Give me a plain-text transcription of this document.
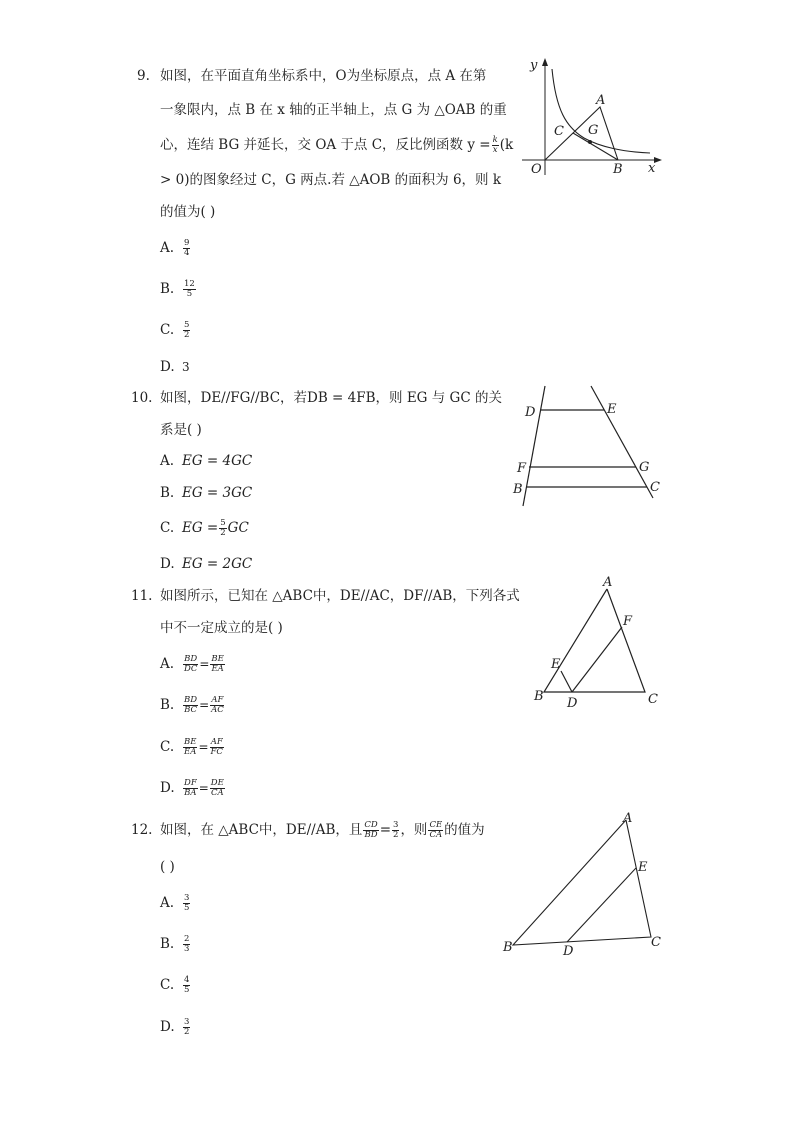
9. 如图，在平面直角坐标系中，O为坐标原点，点 A 在第
一象限内，点 B 在 x 轴的正半轴上，点 G 为 △OAB 的重
心，连结 BG 并延长，交 OA 于点 C，反比例函数 $y = \frac{k}{x} (k$
> 0)的图象经过 C，G 两点.若 △AOB 的面积为 6，则 k
的值为( )
A.	$\frac{9}{4}$
B.	$\frac{12}{5}$
C.	$\frac{5}{2}$
D. 3
y
x
O
A
B
C G
10. 如图，DE//FG//BC，若DB = 4FB，则 EG 与 GC 的关
系是( )
A. EG = 4GC
B. EG = 3GC
C. EG = $\frac{5}{2}$ GC
D. EG = 2GC
D	E
F	G
B	C
11. 如图所示，已知在 △ABC中，DE//AC，DF//AB，下列各式
中不一定成立的是( )
A.	$\frac{BD}{DC} = \frac{BE}{EA}$
B.	$\frac{BD}{BC} = \frac{AF}{AC}$
C.	$\frac{BE}{EA} = \frac{AF}{FC}$
D. $\frac{DF}{BA} = \frac{DE}{CA}$
A
B	C
D
E
F
12. 如图，在 △ABC中，DE//AB，且 $\frac{CD}{BD} = \frac{3}{2}$ ，则 $\frac{CE}{CA}$ 的值为
( )
A.	$\frac{3}{5}$
B.	$\frac{2}{3}$
C.	$\frac{4}{5}$
D. $\frac{3}{2}$
A
B	C
D
E
